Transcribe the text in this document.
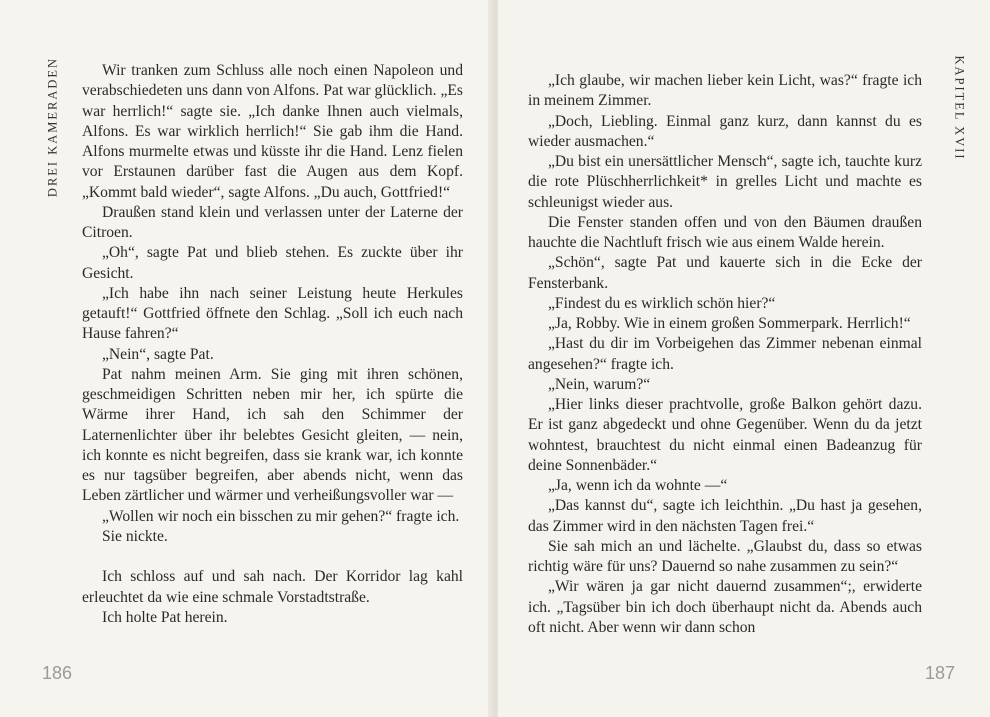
DREI KAMERADEN	Wir tranken zum Schluss alle noch einen Napoleon und verabschiedeten uns dann von Alfons. Pat war glücklich. „Es war herrlich!“ sagte sie. „Ich danke Ihnen auch vielmals, Alfons. Es war wirklich herrlich!“ Sie gab ihm die Hand. Alfons murmelte etwas und küsste ihr die Hand. Lenz fielen vor Erstaunen darüber fast die Augen aus dem Kopf. „Kommt bald wieder“, sagte Alfons. „Du auch, Gottfried!“

Draußen stand klein und verlassen unter der Laterne der Citroen.

„Oh“, sagte Pat und blieb stehen. Es zuckte über ihr Gesicht.

„Ich habe ihn nach seiner Leistung heute Herkules getauft!“ Gottfried öffnete den Schlag. „Soll ich euch nach Hause fahren?“

„Nein“, sagte Pat.

Pat nahm meinen Arm. Sie ging mit ihren schönen, geschmeidigen Schritten neben mir her, ich spürte die Wärme ihrer Hand, ich sah den Schimmer der Laternenlichter über ihr belebtes Gesicht gleiten, — nein, ich konnte es nicht begreifen, dass sie krank war, ich konnte es nur tagsüber begreifen, aber abends nicht, wenn das Leben zärtlicher und wärmer und verheißungsvoller war —

„Wollen wir noch ein bisschen zu mir gehen?“ fragte ich.

Sie nickte.

Ich schloss auf und sah nach. Der Korridor lag kahl erleuchtet da wie eine schmale Vorstadtstraße.

Ich holte Pat herein.

186
KAPITEL XVII

„Ich glaube, wir machen lieber kein Licht, was?“ fragte ich in meinem Zimmer.

„Doch, Liebling. Einmal ganz kurz, dann kannst du es wieder ausmachen.“

„Du bist ein unersättlicher Mensch“, sagte ich, tauchte kurz die rote Plüschherrlichkeit* in grelles Licht und machte es schleunigst wieder aus.

Die Fenster standen offen und von den Bäumen draußen hauchte die Nachtluft frisch wie aus einem Walde herein.

„Schön“, sagte Pat und kauerte sich in die Ecke der Fensterbank.

„Findest du es wirklich schön hier?“

„Ja, Robby. Wie in einem großen Sommerpark. Herrlich!“

„Hast du dir im Vorbeigehen das Zimmer nebenan einmal angesehen?“ fragte ich.

„Nein, warum?“

„Hier links dieser prachtvolle, große Balkon gehört dazu. Er ist ganz abgedeckt und ohne Gegenüber. Wenn du da jetzt wohntest, brauchtest du nicht einmal einen Badeanzug für deine Sonnenbäder.“

„Ja, wenn ich da wohnte —“

„Das kannst du“, sagte ich leichthin. „Du hast ja gesehen, das Zimmer wird in den nächsten Tagen frei.“

Sie sah mich an und lächelte. „Glaubst du, dass so etwas richtig wäre für uns? Dauernd so nahe zusammen zu sein?“

„Wir wären ja gar nicht dauernd zusammen“;, erwiderte ich. „Tagsüber bin ich doch überhaupt nicht da. Abends auch oft nicht. Aber wenn wir dann schon

187
